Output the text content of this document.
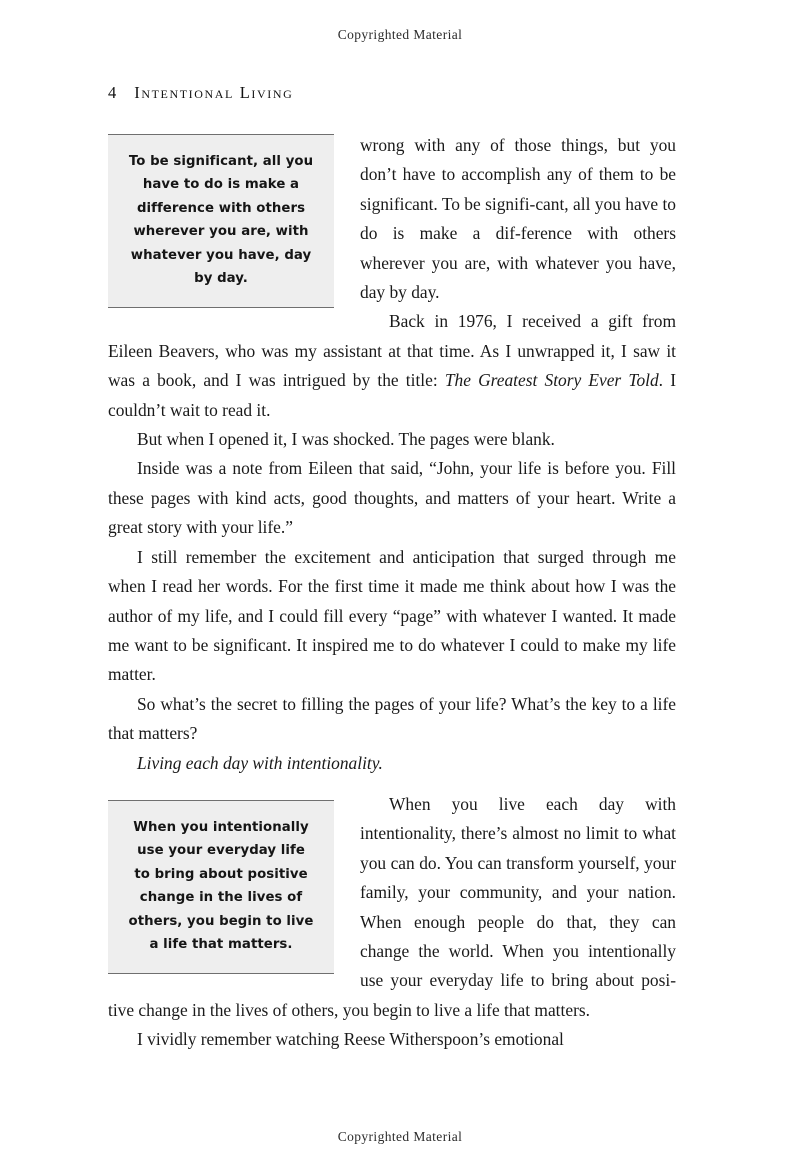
Copyrighted Material
4 Intentional Living
To be significant, all you have to do is make a difference with others wherever you are, with whatever you have, day by day.

wrong with any of those things, but you don’t have to accomplish any of them to be significant. To be signifi-cant, all you have to do is make a dif-ference with others wherever you are, with whatever you have, day by day.

Back in 1976, I received a gift from Eileen Beavers, who was my assistant at that time. As I unwrapped it, I saw it was a book, and I was intrigued by the title: The Greatest Story Ever Told. I couldn’t wait to read it.

But when I opened it, I was shocked. The pages were blank.

Inside was a note from Eileen that said, “John, your life is before you. Fill these pages with kind acts, good thoughts, and matters of your heart. Write a great story with your life.”

I still remember the excitement and anticipation that surged through me when I read her words. For the first time it made me think about how I was the author of my life, and I could fill every “page” with whatever I wanted. It made me want to be significant. It inspired me to do whatever I could to make my life matter.

So what’s the secret to filling the pages of your life? What’s the key to a life that matters?

Living each day with intentionality.

When you intentionally use your everyday life to bring about positive change in the lives of others, you begin to live a life that matters.

When you live each day with intentionality, there’s almost no limit to what you can do. You can transform yourself, your family, your community, and your nation. When enough people do that, they can change the world. When you intentionally use your everyday life to bring about posi-tive change in the lives of others, you begin to live a life that matters.

I vividly remember watching Reese Witherspoon’s emotional

Copyrighted Material
